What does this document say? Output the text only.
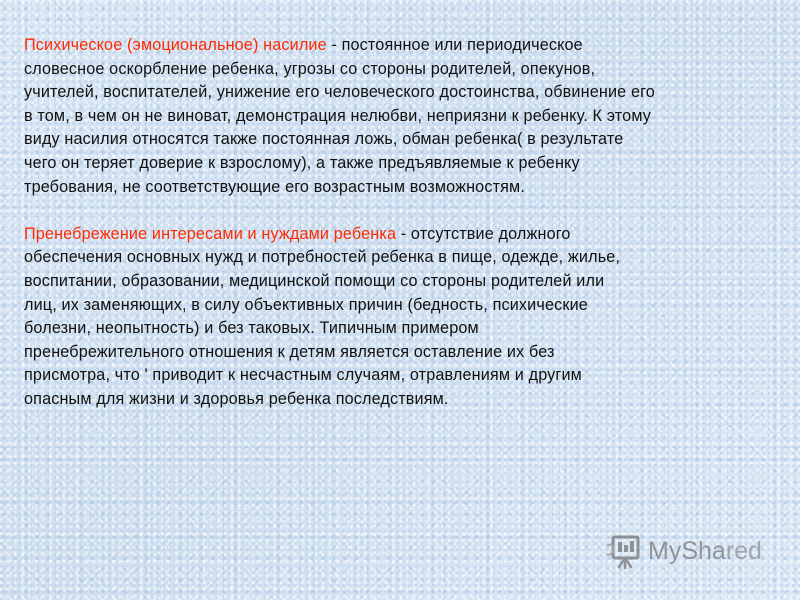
Психическое (эмоциональное) насилие - постоянное или периодическое
словесное оскорбление ребенка, угрозы со стороны родителей, опекунов,
учителей, воспитателей, унижение его человеческого достоинства, обвинение его
в том, в чем он не виноват, демонстрация нелюбви, неприязни к ребенку. К этому
виду насилия относятся также постоянная ложь, обман ребенка( в результате
чего он теряет доверие к взрослому), а также предъявляемые к ребенку
требования, не соответствующие его возрастным возможностям.

Пренебрежение интересами и нуждами ребенка - отсутствие должного
обеспечения основных нужд и потребностей ребенка в пище, одежде, жилье,
воспитании, образовании, медицинской помощи со стороны родителей или
лиц, их заменяющих, в силу объективных причин (бедность, психические
болезни, неопытность) и без таковых. Типичным примером
пренебрежительного отношения к детям является оставление их без
присмотра, что ' приводит к несчастным случаям, отравлениям и другим
опасным для жизни и здоровья ребенка последствиям.

MyShared
